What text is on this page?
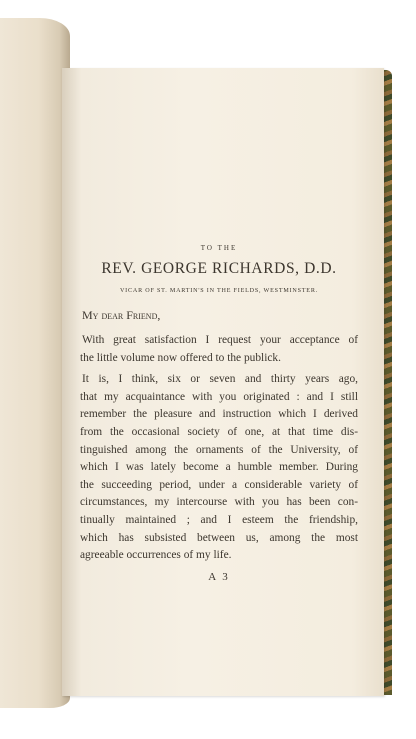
TO THE
REV. GEORGE RICHARDS, D.D.
VICAR OF ST. MARTIN'S IN THE FIELDS, WESTMINSTER.
My dear Friend,
With great satisfaction I request your acceptance of
the little volume now offered to the publick.
It is, I think, six or seven and thirty years ago,
that my acquaintance with you originated : and I still
remember the pleasure and instruction which I derived
from the occasional society of one, at that time dis-
tinguished among the ornaments of the University, of
which I was lately become a humble member. During
the succeeding period, under a considerable variety of
circumstances, my intercourse with you has been con-
tinually maintained ; and I esteem the friendship,
which has subsisted between us, among the most
agreeable occurrences of my life.
A 3
